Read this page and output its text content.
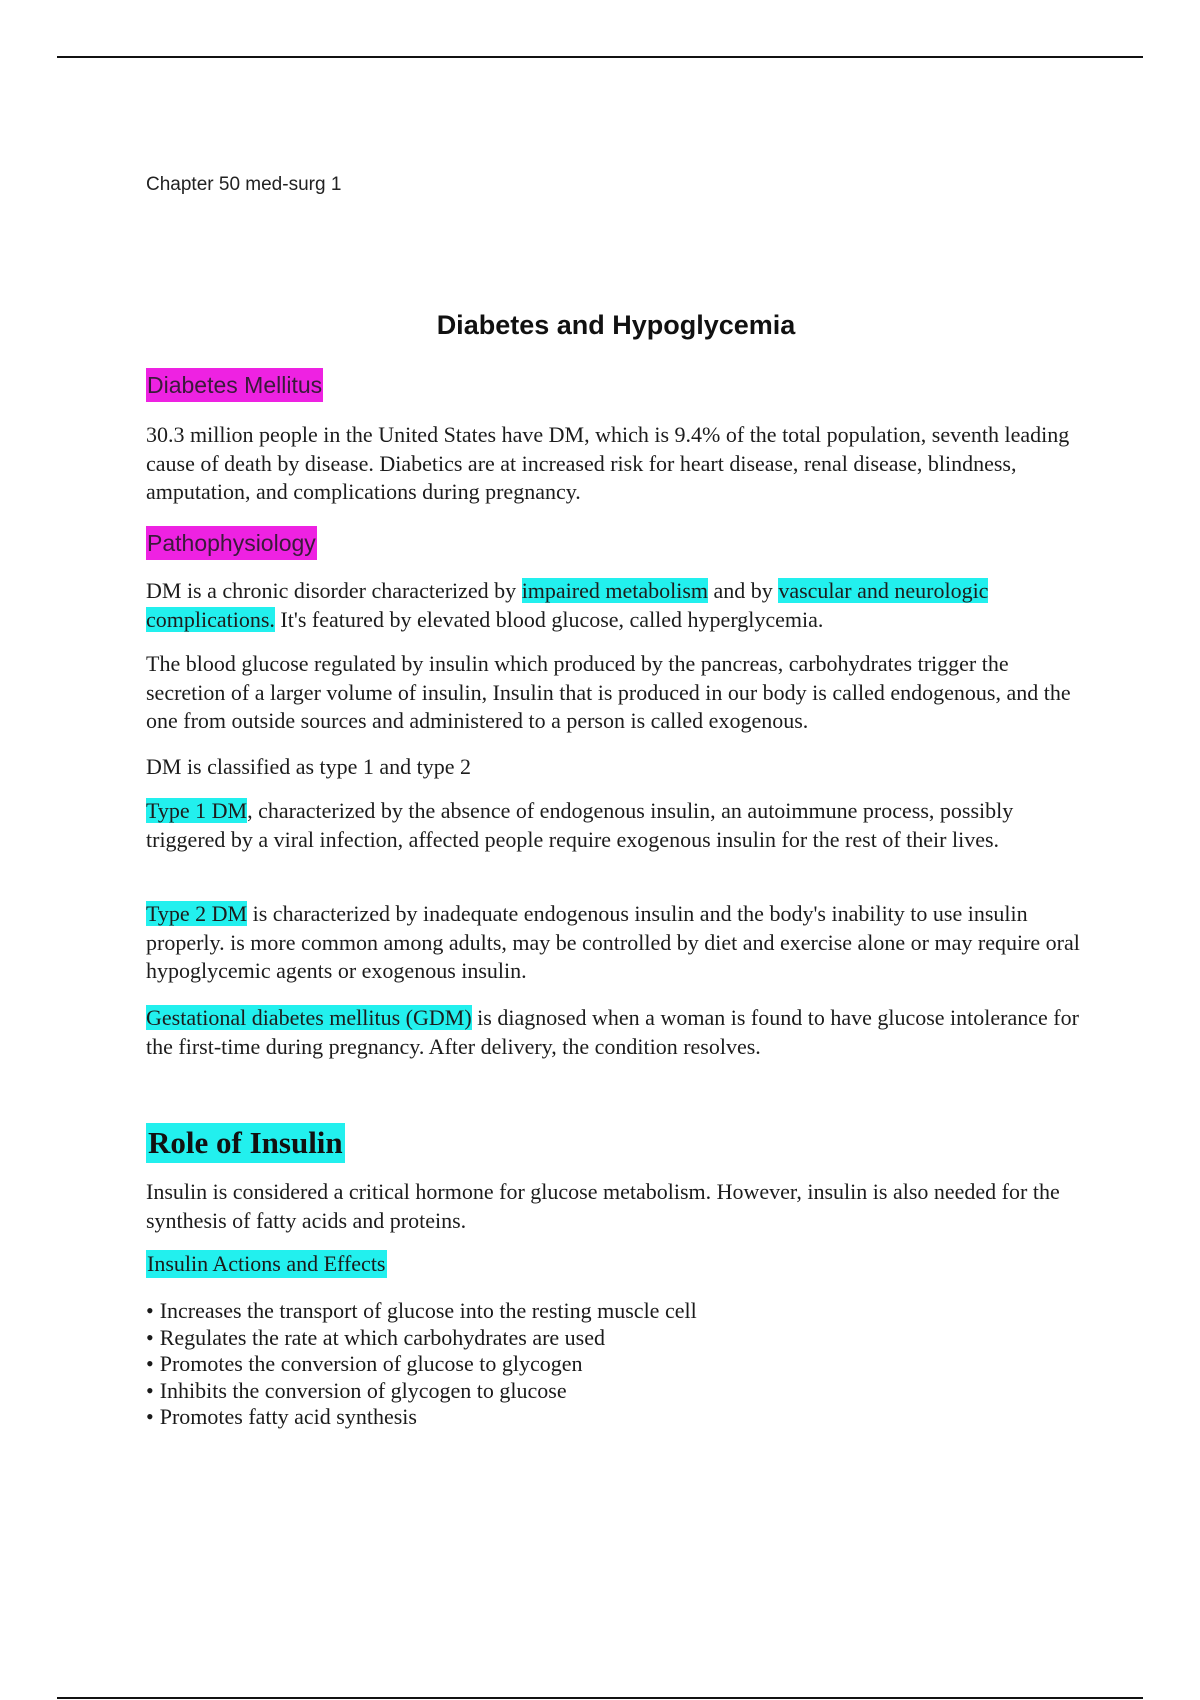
Chapter 50 med-surg 1
Diabetes and Hypoglycemia
Diabetes Mellitus

30.3 million people in the United States have DM, which is 9.4% of the total population, seventh leading cause of death by disease. Diabetics are at increased risk for heart disease, renal disease, blindness, amputation, and complications during pregnancy.

Pathophysiology

DM is a chronic disorder characterized by impaired metabolism and by vascular and neurologic complications. It's featured by elevated blood glucose, called hyperglycemia.

The blood glucose regulated by insulin which produced by the pancreas, carbohydrates trigger the secretion of a larger volume of insulin, Insulin that is produced in our body is called endogenous, and the one from outside sources and administered to a person is called exogenous.

DM is classified as type 1 and type 2

Type 1 DM, characterized by the absence of endogenous insulin, an autoimmune process, possibly triggered by a viral infection, affected people require exogenous insulin for the rest of their lives.

Type 2 DM is characterized by inadequate endogenous insulin and the body's inability to use insulin properly. is more common among adults, may be controlled by diet and exercise alone or may require oral hypoglycemic agents or exogenous insulin.

Gestational diabetes mellitus (GDM) is diagnosed when a woman is found to have glucose intolerance for the first-time during pregnancy. After delivery, the condition resolves.

Role of Insulin

Insulin is considered a critical hormone for glucose metabolism. However, insulin is also needed for the synthesis of fatty acids and proteins.

Insulin Actions and Effects
• Increases the transport of glucose into the resting muscle cell
• Regulates the rate at which carbohydrates are used
• Promotes the conversion of glucose to glycogen
• Inhibits the conversion of glycogen to glucose
• Promotes fatty acid synthesis
